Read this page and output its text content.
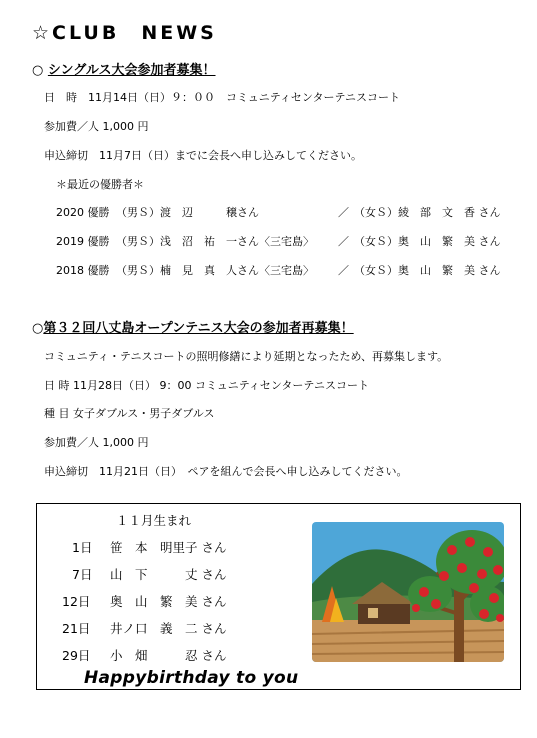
☆CLUB　NEWS
○ シングルス大会参加者募集！
日　時　11月14日（日）９：００　コミュニティセンターテニスコート
参加費／人 1,000 円
申込締切　11月7日（日）までに会長へ申し込みしてください。
＊最近の優勝者＊
2020 優勝 （男Ｓ）渡　辺　　　穣さん	／ （女Ｓ）綾　部　文　香 さん
2019 優勝 （男Ｓ）浅　沼　祐　一さん〈三宅島〉 ／ （女Ｓ）奥　山　繁　美 さん
2018 優勝 （男Ｓ）楠　見　真　人さん〈三宅島〉 ／ （女Ｓ）奥　山　繁　美 さん
○第３２回八丈島オープンテニス大会の参加者再募集！
コミュニティ・テニスコートの照明修繕により延期となったため、再募集します。
日 時 11月28日（日） 9：00 コミュニティセンターテニスコート
種 目 女子ダブルス・男子ダブルス
参加費／人 1,000 円
申込締切　11月21日（日）　ペアを組んで会長へ申し込みしてください。
１１月生まれ
1日 笹　本　明里子 さん
7日 山　下　　　丈 さん
12日 奥　山　繁　美 さん
21日 井ノ口　義　二 さん
29日 小　畑　　　忍 さん
Happybirthday to you
